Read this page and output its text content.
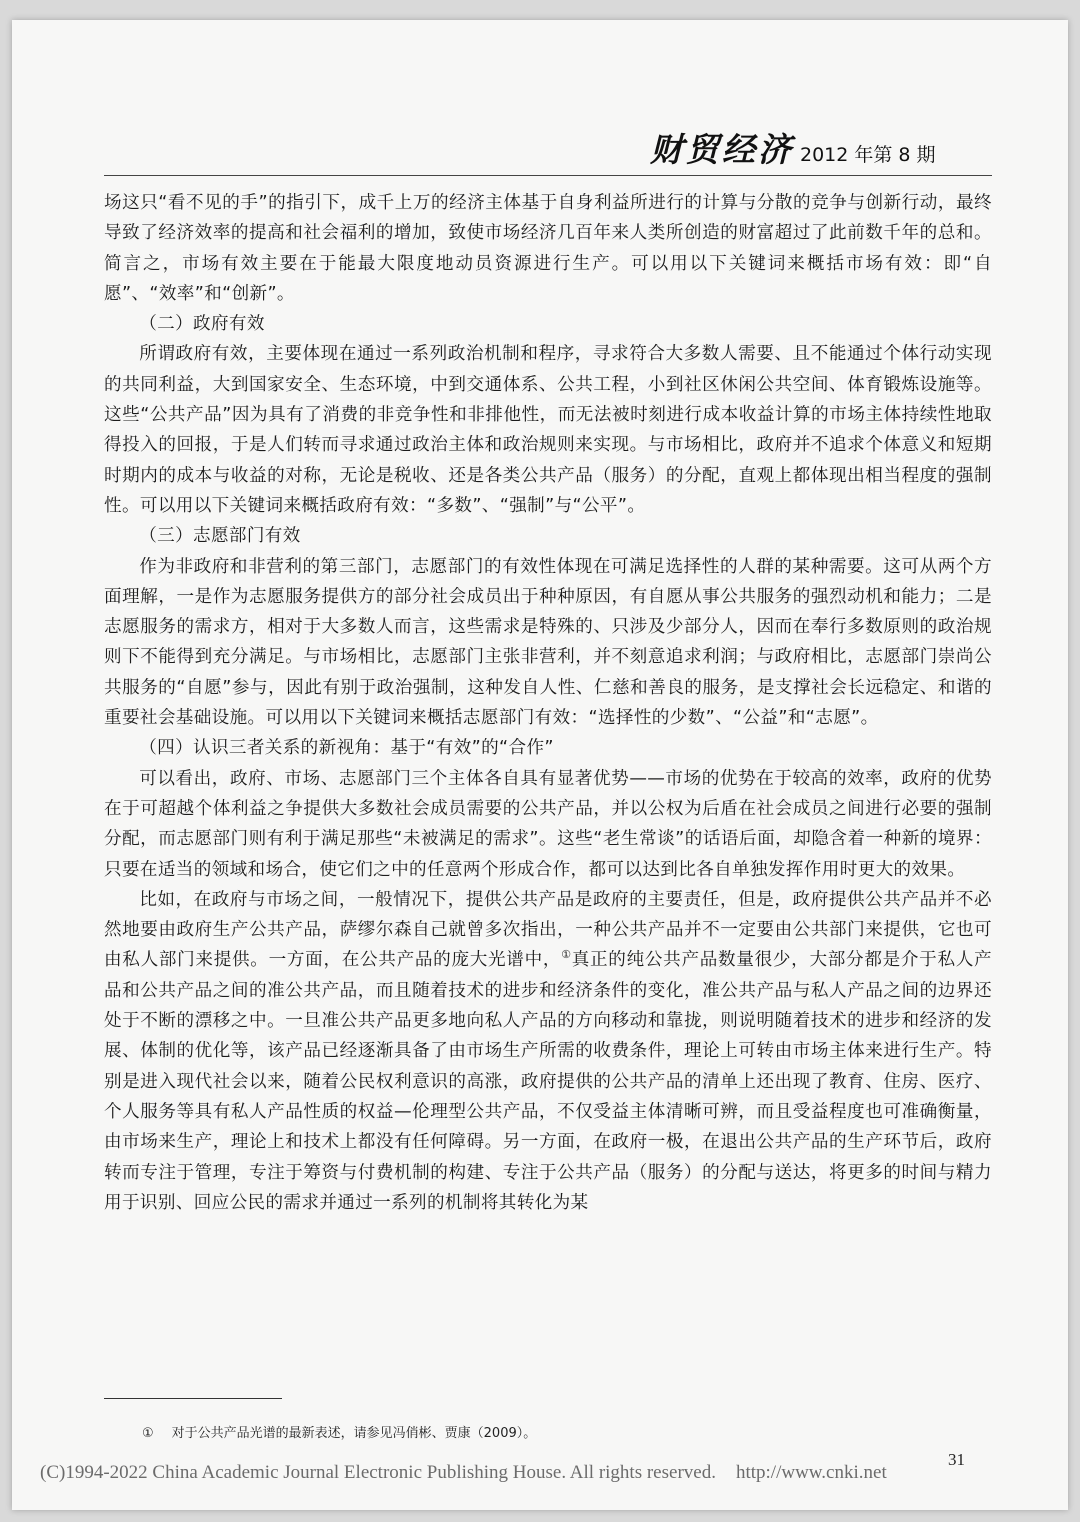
财贸经济 2012 年第 8 期

场这只“看不见的手”的指引下，成千上万的经济主体基于自身利益所进行的计算与分散的竞争与创新行动，最终导致了经济效率的提高和社会福利的增加，致使市场经济几百年来人类所创造的财富超过了此前数千年的总和。简言之，市场有效主要在于能最大限度地动员资源进行生产。可以用以下关键词来概括市场有效：即“自愿”、“效率”和“创新”。

（二）政府有效

所谓政府有效，主要体现在通过一系列政治机制和程序，寻求符合大多数人需要、且不能通过个体行动实现的共同利益，大到国家安全、生态环境，中到交通体系、公共工程，小到社区休闲公共空间、体育锻炼设施等。这些“公共产品”因为具有了消费的非竞争性和非排他性，而无法被时刻进行成本收益计算的市场主体持续性地取得投入的回报，于是人们转而寻求通过政治主体和政治规则来实现。与市场相比，政府并不追求个体意义和短期时期内的成本与收益的对称，无论是税收、还是各类公共产品（服务）的分配，直观上都体现出相当程度的强制性。可以用以下关键词来概括政府有效：“多数”、“强制”与“公平”。

（三）志愿部门有效

作为非政府和非营利的第三部门，志愿部门的有效性体现在可满足选择性的人群的某种需要。这可从两个方面理解，一是作为志愿服务提供方的部分社会成员出于种种原因，有自愿从事公共服务的强烈动机和能力；二是志愿服务的需求方，相对于大多数人而言，这些需求是特殊的、只涉及少部分人，因而在奉行多数原则的政治规则下不能得到充分满足。与市场相比，志愿部门主张非营利，并不刻意追求利润；与政府相比，志愿部门崇尚公共服务的“自愿”参与，因此有别于政治强制，这种发自人性、仁慈和善良的服务，是支撑社会长远稳定、和谐的重要社会基础设施。可以用以下关键词来概括志愿部门有效：“选择性的少数”、“公益”和“志愿”。

（四）认识三者关系的新视角：基于“有效”的“合作”

可以看出，政府、市场、志愿部门三个主体各自具有显著优势——市场的优势在于较高的效率，政府的优势在于可超越个体利益之争提供大多数社会成员需要的公共产品，并以公权为后盾在社会成员之间进行必要的强制分配，而志愿部门则有利于满足那些“未被满足的需求”。这些“老生常谈”的话语后面，却隐含着一种新的境界：只要在适当的领域和场合，使它们之中的任意两个形成合作，都可以达到比各自单独发挥作用时更大的效果。

比如，在政府与市场之间，一般情况下，提供公共产品是政府的主要责任，但是，政府提供公共产品并不必然地要由政府生产公共产品，萨缪尔森自己就曾多次指出，一种公共产品并不一定要由公共部门来提供，它也可由私人部门来提供。一方面，在公共产品的庞大光谱中，①真正的纯公共产品数量很少，大部分都是介于私人产品和公共产品之间的准公共产品，而且随着技术的进步和经济条件的变化，准公共产品与私人产品之间的边界还处于不断的漂移之中。一旦准公共产品更多地向私人产品的方向移动和靠拢，则说明随着技术的进步和经济的发展、体制的优化等，该产品已经逐渐具备了由市场生产所需的收费条件，理论上可转由市场主体来进行生产。特别是进入现代社会以来，随着公民权利意识的高涨，政府提供的公共产品的清单上还出现了教育、住房、医疗、个人服务等具有私人产品性质的权益—伦理型公共产品，不仅受益主体清晰可辨，而且受益程度也可准确衡量，由市场来生产，理论上和技术上都没有任何障碍。另一方面，在政府一极，在退出公共产品的生产环节后，政府转而专注于管理，专注于筹资与付费机制的构建、专注于公共产品（服务）的分配与送达，将更多的时间与精力用于识别、回应公民的需求并通过一系列的机制将其转化为某

① 对于公共产品光谱的最新表述，请参见冯俏彬、贾康（2009）。
31
(C)1994-2022 China Academic Journal Electronic Publishing House. All rights reserved. http://www.cnki.net
